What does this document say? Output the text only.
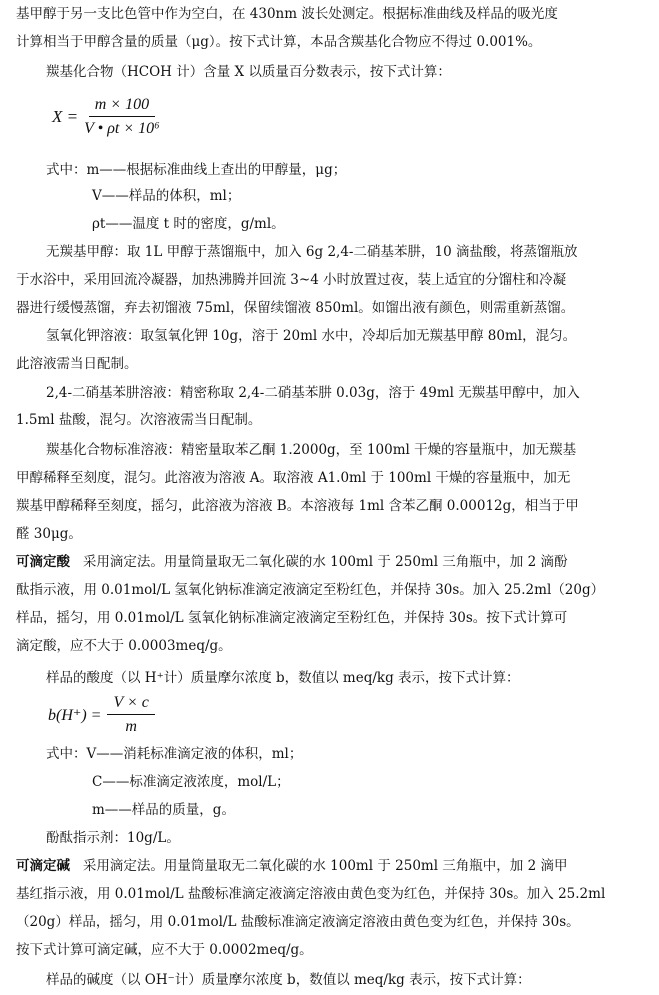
基甲醇于另一支比色管中作为空白，在 430nm 波长处测定。根据标准曲线及样品的吸光度
计算相当于甲醇含量的质量（μg）。按下式计算，本品含羰基化合物应不得过 0.001%。
羰基化合物（HCOH 计）含量 X 以质量百分数表示，按下式计算：
$X = \frac{m \times 100}{\text{V • ρt × 10⁶}}$
式中：m——根据标准曲线上查出的甲醇量，μg；
V——样品的体积，ml；
ρt——温度 t 时的密度，g/ml。
无羰基甲醇：取 1L 甲醇于蒸馏瓶中，加入 6g 2,4-二硝基苯肼，10 滴盐酸，将蒸馏瓶放
于水浴中，采用回流冷凝器，加热沸腾并回流 3~4 小时放置过夜，装上适宜的分馏柱和冷凝
器进行缓慢蒸馏，弃去初馏液 75ml，保留续馏液 850ml。如馏出液有颜色，则需重新蒸馏。
氢氧化钾溶液：取氢氧化钾 10g，溶于 20ml 水中，冷却后加无羰基甲醇 80ml，混匀。
此溶液需当日配制。
2,4-二硝基苯肼溶液：精密称取 2,4-二硝基苯肼 0.03g，溶于 49ml 无羰基甲醇中，加入
1.5ml 盐酸，混匀。次溶液需当日配制。
羰基化合物标准溶液：精密量取苯乙酮 1.2000g，至 100ml 干燥的容量瓶中，加无羰基
甲醇稀释至刻度，混匀。此溶液为溶液 A。取溶液 A1.0ml 于 100ml 干燥的容量瓶中，加无
羰基甲醇稀释至刻度，摇匀，此溶液为溶液 B。本溶液每 1ml 含苯乙酮 0.00012g，相当于甲
醛 30μg。
可滴定酸 采用滴定法。用量筒量取无二氧化碳的水 100ml 于 250ml 三角瓶中，加 2 滴酚
酞指示液，用 0.01mol/L 氢氧化钠标准滴定液滴定至粉红色，并保持 30s。加入 25.2ml（20g）
样品，摇匀，用 0.01mol/L 氢氧化钠标准滴定液滴定至粉红色，并保持 30s。按下式计算可
滴定酸，应不大于 0.0003meq/g。
样品的酸度（以 H⁺计）质量摩尔浓度 b，数值以 meq/kg 表示，按下式计算：
$b(H^+) = \frac{V \times c}{m}$
式中：V——消耗标准滴定液的体积，ml；
C——标准滴定液浓度，mol/L；
m——样品的质量，g。
酚酞指示剂：10g/L。
可滴定碱 采用滴定法。用量筒量取无二氧化碳的水 100ml 于 250ml 三角瓶中，加 2 滴甲
基红指示液，用 0.01mol/L 盐酸标准滴定液滴定溶液由黄色变为红色，并保持 30s。加入 25.2ml
（20g）样品，摇匀，用 0.01mol/L 盐酸标准滴定液滴定溶液由黄色变为红色，并保持 30s。
按下式计算可滴定碱，应不大于 0.0002meq/g。
样品的碱度（以 OH⁻计）质量摩尔浓度 b，数值以 meq/kg 表示，按下式计算：
